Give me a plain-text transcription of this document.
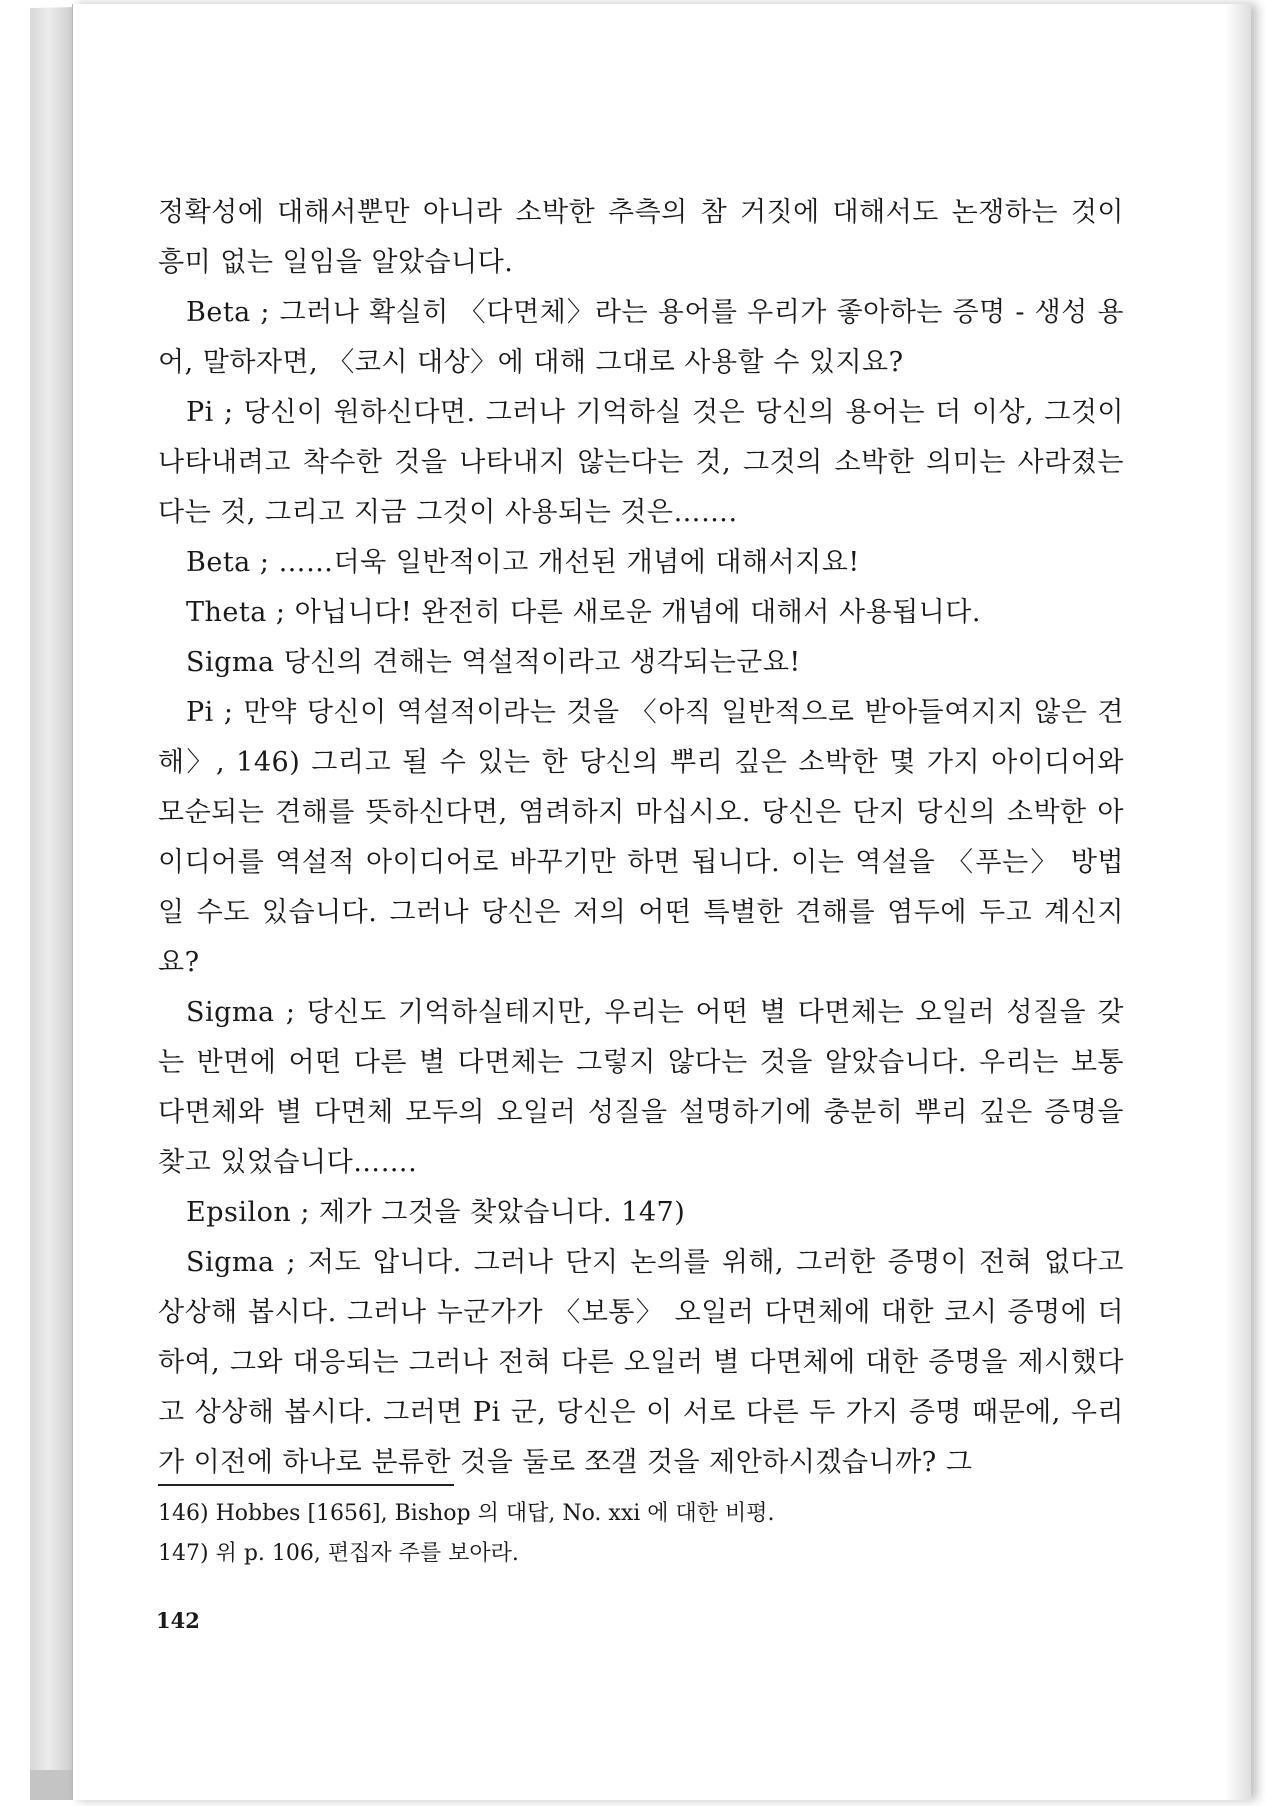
정확성에 대해서뿐만 아니라 소박한 추측의 참 거짓에 대해서도 논쟁하는 것이 흥미 없는 일임을 알았습니다.

Beta ; 그러나 확실히 〈다면체〉라는 용어를 우리가 좋아하는 증명 - 생성 용어, 말하자면, 〈코시 대상〉에 대해 그대로 사용할 수 있지요?

Pi ; 당신이 원하신다면. 그러나 기억하실 것은 당신의 용어는 더 이상, 그것이 나타내려고 착수한 것을 나타내지 않는다는 것, 그것의 소박한 의미는 사라졌는다는 것, 그리고 지금 그것이 사용되는 것은…….

Beta ; ……더욱 일반적이고 개선된 개념에 대해서지요!

Theta ; 아닙니다! 완전히 다른 새로운 개념에 대해서 사용됩니다.

Sigma 당신의 견해는 역설적이라고 생각되는군요!

Pi ; 만약 당신이 역설적이라는 것을 〈아직 일반적으로 받아들여지지 않은 견해〉, 146) 그리고 될 수 있는 한 당신의 뿌리 깊은 소박한 몇 가지 아이디어와 모순되는 견해를 뜻하신다면, 염려하지 마십시오. 당신은 단지 당신의 소박한 아이디어를 역설적 아이디어로 바꾸기만 하면 됩니다. 이는 역설을 〈푸는〉 방법일 수도 있습니다. 그러나 당신은 저의 어떤 특별한 견해를 염두에 두고 계신지요?

Sigma ; 당신도 기억하실테지만, 우리는 어떤 별 다면체는 오일러 성질을 갖는 반면에 어떤 다른 별 다면체는 그렇지 않다는 것을 알았습니다. 우리는 보통 다면체와 별 다면체 모두의 오일러 성질을 설명하기에 충분히 뿌리 깊은 증명을 찾고 있었습니다…….

Epsilon ; 제가 그것을 찾았습니다. 147)

Sigma ; 저도 압니다. 그러나 단지 논의를 위해, 그러한 증명이 전혀 없다고 상상해 봅시다. 그러나 누군가가 〈보통〉 오일러 다면체에 대한 코시 증명에 더하여, 그와 대응되는 그러나 전혀 다른 오일러 별 다면체에 대한 증명을 제시했다고 상상해 봅시다. 그러면 Pi 군, 당신은 이 서로 다른 두 가지 증명 때문에, 우리가 이전에 하나로 분류한 것을 둘로 쪼갤 것을 제안하시겠습니까? 그

146) Hobbes [1656], Bishop 의 대답, No. xxi 에 대한 비평.

147) 위 p. 106, 편집자 주를 보아라.

142
